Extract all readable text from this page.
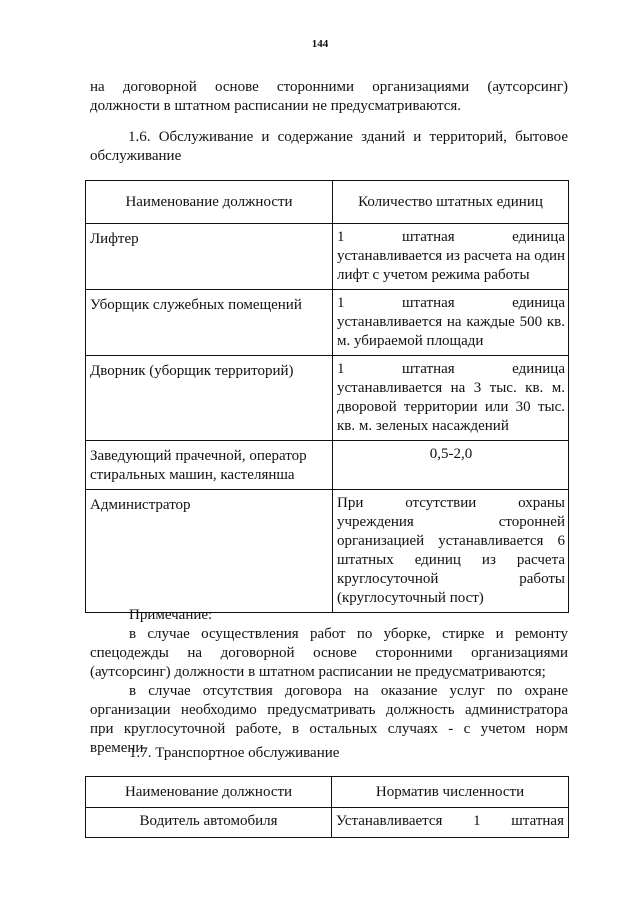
144
на договорной основе сторонними организациями (аутсорсинг) должности в штатном расписании не предусматриваются.
1.6. Обслуживание и содержание зданий и территорий, бытовое обслуживание
Наименование должности	Количество штатных единиц
Лифтер	1 штатная единица устанавливается из расчета на один лифт с учетом режима работы
Уборщик служебных помещений	1 штатная единица устанавливается на каждые 500 кв. м. убираемой площади
Дворник (уборщик территорий)	1 штатная единица устанавливается на 3 тыс. кв. м. дворовой территории или 30 тыс. кв. м. зеленых насаждений
Заведующий прачечной, оператор стиральных машин, кастелянша	0,5-2,0
Администратор	При отсутствии охраны учреждения сторонней организацией устанавливается 6 штатных единиц из расчета круглосуточной работы (круглосуточный пост)
Примечание:
в случае осуществления работ по уборке, стирке и ремонту спецодежды на договорной основе сторонними организациями (аутсорсинг) должности в штатном расписании не предусматриваются;
в случае отсутствия договора на оказание услуг по охране организации необходимо предусматривать должность администратора при круглосуточной работе, в остальных случаях - с учетом норм времени.
1.7. Транспортное обслуживание
Наименование должности	Норматив численности
Водитель автомобиля	Устанавливается 1 штатная
